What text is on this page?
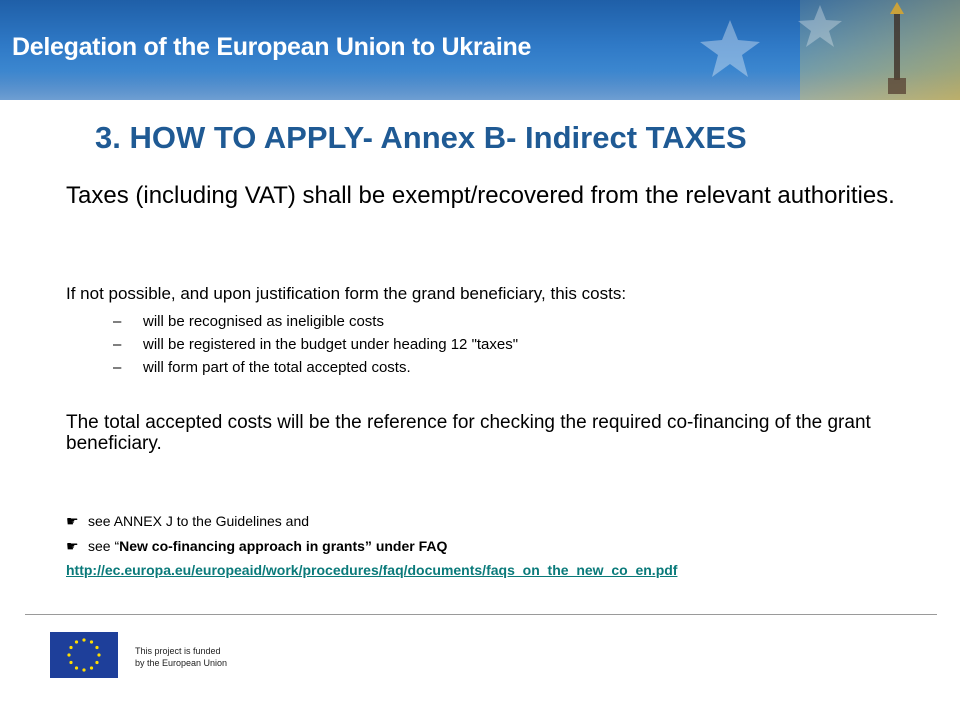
Delegation of the European Union to Ukraine
3. HOW TO APPLY- Annex B- Indirect TAXES
Taxes (including VAT) shall be exempt/recovered from the relevant authorities.
If not possible, and upon justification form the grand beneficiary, this costs:
– will be recognised as ineligible costs
– will be registered in the budget under heading 12 "taxes"
– will form part of the total accepted costs.
The total accepted costs will be the reference for checking the required co-financing of the grant beneficiary.
☛ see ANNEX J to the Guidelines and
☛ see “New co-financing approach in grants” under FAQ
http://ec.europa.eu/europeaid/work/procedures/faq/documents/faqs_on_the_new_co_en.pdf
This project is funded
by the European Union
